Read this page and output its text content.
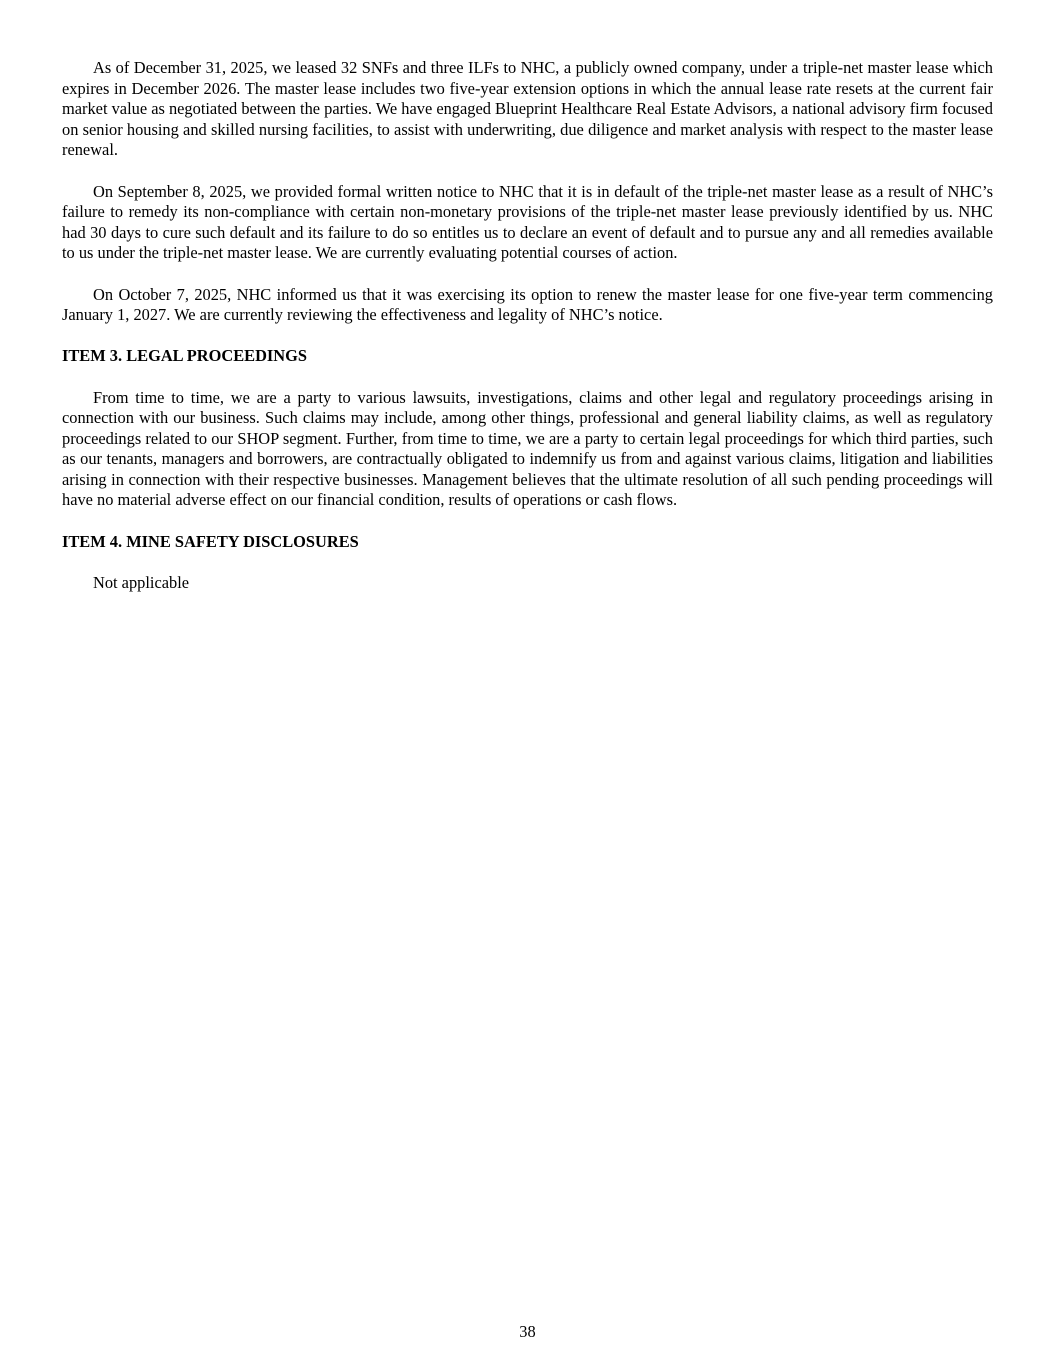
As of December 31, 2025, we leased 32 SNFs and three ILFs to NHC, a publicly owned company, under a triple-net master lease which expires in December 2026. The master lease includes two five-year extension options in which the annual lease rate resets at the current fair market value as negotiated between the parties. We have engaged Blueprint Healthcare Real Estate Advisors, a national advisory firm focused on senior housing and skilled nursing facilities, to assist with underwriting, due diligence and market analysis with respect to the master lease renewal.

On September 8, 2025, we provided formal written notice to NHC that it is in default of the triple-net master lease as a result of NHC’s failure to remedy its non-compliance with certain non-monetary provisions of the triple-net master lease previously identified by us. NHC had 30 days to cure such default and its failure to do so entitles us to declare an event of default and to pursue any and all remedies available to us under the triple-net master lease. We are currently evaluating potential courses of action.

On October 7, 2025, NHC informed us that it was exercising its option to renew the master lease for one five-year term commencing January 1, 2027. We are currently reviewing the effectiveness and legality of NHC’s notice.

ITEM 3. LEGAL PROCEEDINGS

From time to time, we are a party to various lawsuits, investigations, claims and other legal and regulatory proceedings arising in connection with our business. Such claims may include, among other things, professional and general liability claims, as well as regulatory proceedings related to our SHOP segment. Further, from time to time, we are a party to certain legal proceedings for which third parties, such as our tenants, managers and borrowers, are contractually obligated to indemnify us from and against various claims, litigation and liabilities arising in connection with their respective businesses. Management believes that the ultimate resolution of all such pending proceedings will have no material adverse effect on our financial condition, results of operations or cash flows.

ITEM 4. MINE SAFETY DISCLOSURES

Not applicable

38
